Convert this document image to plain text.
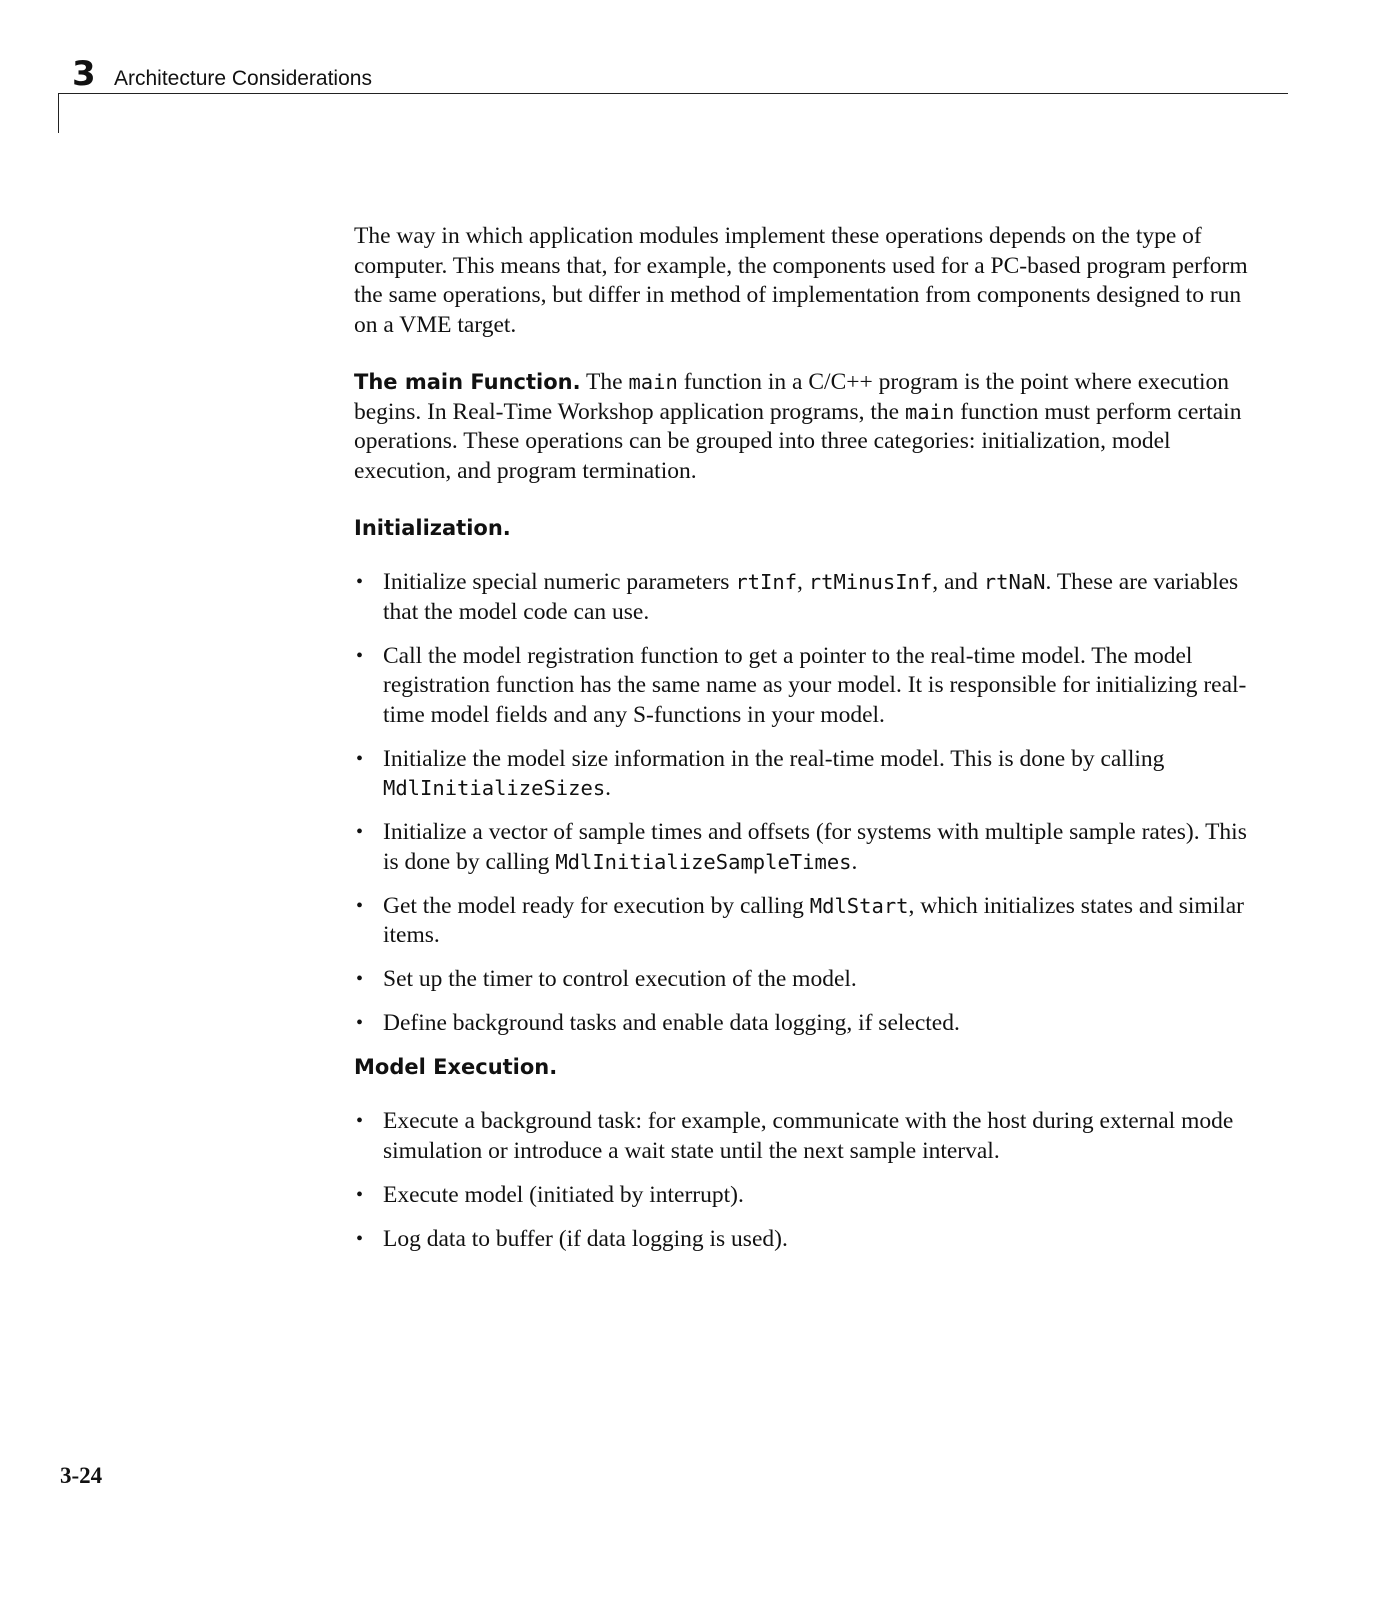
3 Architecture Considerations

The way in which application modules implement these operations depends on the type of computer. This means that, for example, the components used for a PC-based program perform the same operations, but differ in method of implementation from components designed to run on a VME target.

The main Function. The main function in a C/C++ program is the point where execution begins. In Real-Time Workshop application programs, the main function must perform certain operations. These operations can be grouped into three categories: initialization, model execution, and program termination.

Initialization.
• Initialize special numeric parameters rtInf, rtMinusInf, and rtNaN. These are variables that the model code can use.
• Call the model registration function to get a pointer to the real-time model. The model registration function has the same name as your model. It is responsible for initializing real-time model fields and any S-functions in your model.
• Initialize the model size information in the real-time model. This is done by calling MdlInitializeSizes.
• Initialize a vector of sample times and offsets (for systems with multiple sample rates). This is done by calling MdlInitializeSampleTimes.
• Get the model ready for execution by calling MdlStart, which initializes states and similar items.
• Set up the timer to control execution of the model.
• Define background tasks and enable data logging, if selected.
Model Execution.
• Execute a background task: for example, communicate with the host during external mode simulation or introduce a wait state until the next sample interval.
• Execute model (initiated by interrupt).
• Log data to buffer (if data logging is used).
3-24
